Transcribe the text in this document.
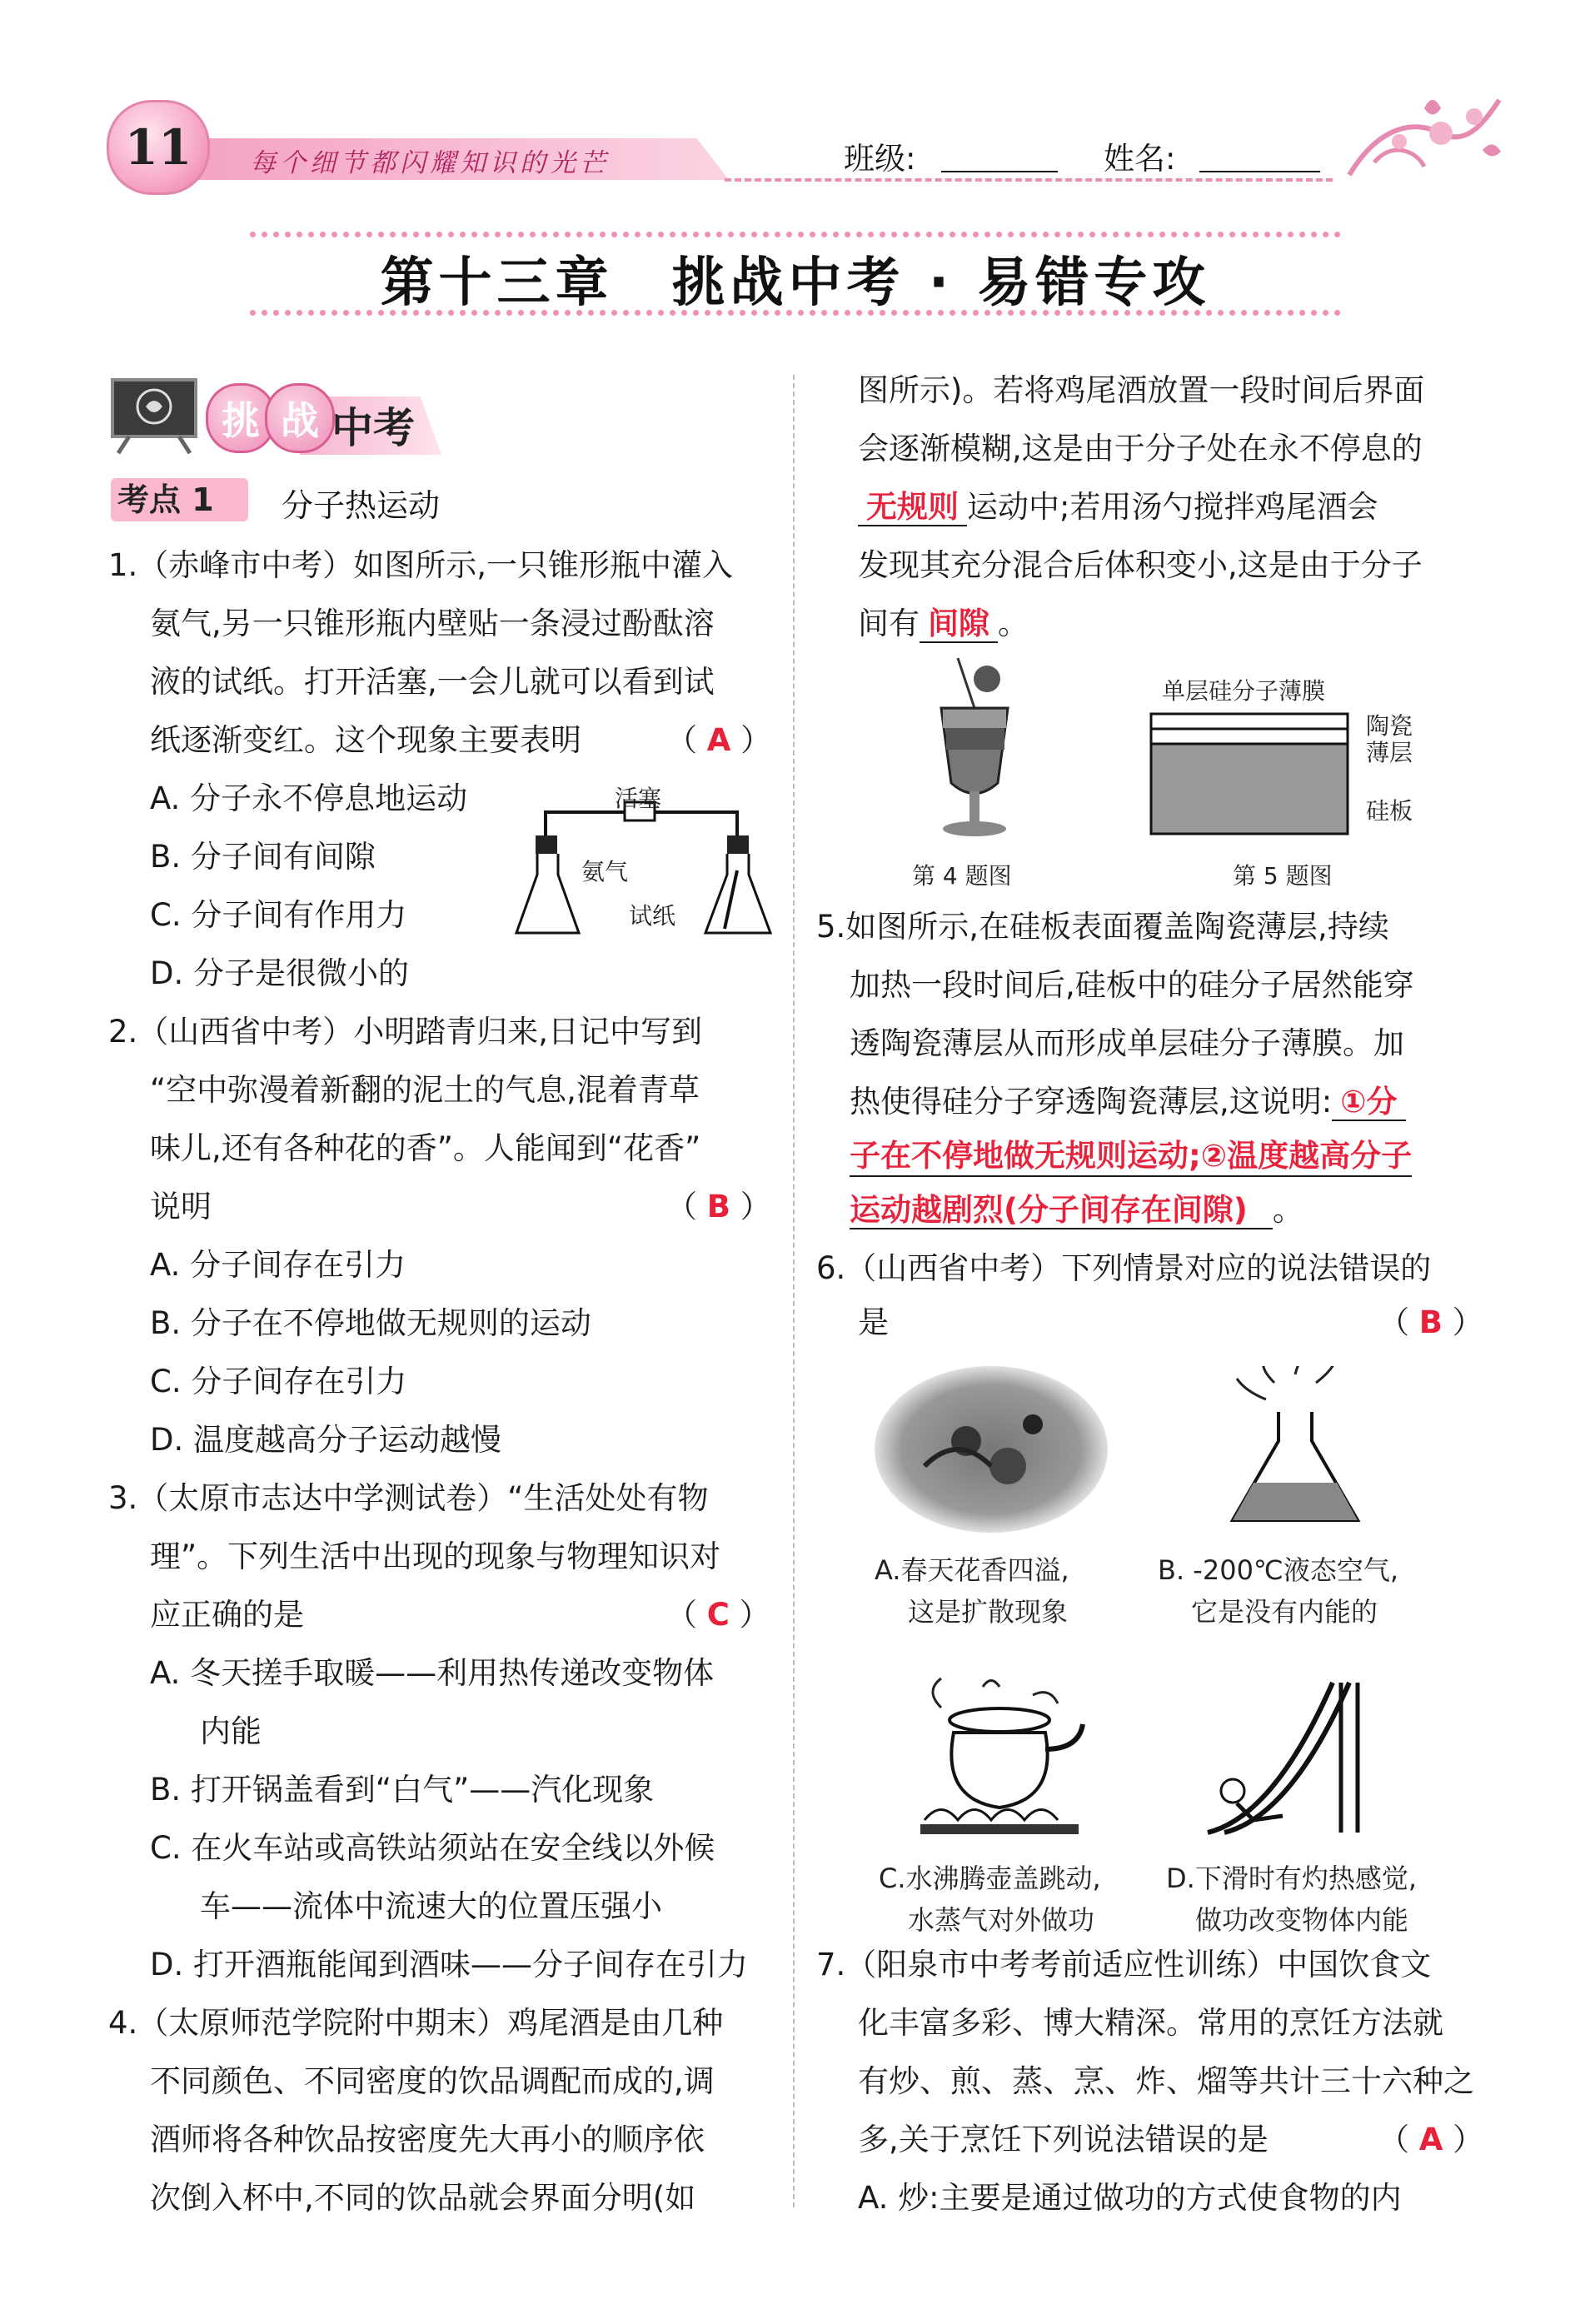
11	每个细节都闪耀知识的光芒	班级:	姓名:
第十三章　挑战中考 · 易错专攻
挑 战 中考
考点 1	分子热运动
1.（赤峰市中考）如图所示,一只锥形瓶中灌入
氨气,另一只锥形瓶内壁贴一条浸过酚酞溶
液的试纸。打开活塞,一会儿就可以看到试
纸逐渐变红。这个现象主要表明	（ A ）
A. 分子永不停息地运动
B. 分子间有间隙
C. 分子间有作用力
D. 分子是很微小的
活塞
氨气
试纸
2.（山西省中考）小明踏青归来,日记中写到
“空中弥漫着新翻的泥土的气息,混着青草
味儿,还有各种花的香”。人能闻到“花香”
说明	（ B ）
A. 分子间存在引力
B. 分子在不停地做无规则的运动
C. 分子间存在引力
D. 温度越高分子运动越慢
3.（太原市志达中学测试卷）“生活处处有物
理”。下列生活中出现的现象与物理知识对
应正确的是	（ C ）
A. 冬天搓手取暖——利用热传递改变物体
内能
B. 打开锅盖看到“白气”——汽化现象
C. 在火车站或高铁站须站在安全线以外候
车——流体中流速大的位置压强小
D. 打开酒瓶能闻到酒味——分子间存在引力
4.（太原师范学院附中期末）鸡尾酒是由几种
不同颜色、不同密度的饮品调配而成的,调
酒师将各种饮品按密度先大再小的顺序依
次倒入杯中,不同的饮品就会界面分明(如
图所示)。若将鸡尾酒放置一段时间后界面
会逐渐模糊,这是由于分子处在永不停息的
无规则 运动中;若用汤勺搅拌鸡尾酒会
发现其充分混合后体积变小,这是由于分子
间有 间隙 。
第 4 题图
单层硅分子薄膜
陶瓷
薄层
硅板
第 5 题图
5.如图所示,在硅板表面覆盖陶瓷薄层,持续
加热一段时间后,硅板中的硅分子居然能穿
透陶瓷薄层从而形成单层硅分子薄膜。加
热使得硅分子穿透陶瓷薄层,这说明: ①分
子在不停地做无规则运动;②温度越高分子
运动越剧烈(分子间存在间隙) 。
6.（山西省中考）下列情景对应的说法错误的
是	（ B ）
A.春天花香四溢,
这是扩散现象
B. -200℃液态空气,
它是没有内能的
C.水沸腾壶盖跳动,
水蒸气对外做功
D.下滑时有灼热感觉,
做功改变物体内能
7.（阳泉市中考考前适应性训练）中国饮食文
化丰富多彩、博大精深。常用的烹饪方法就
有炒、煎、蒸、烹、炸、熘等共计三十六种之
多,关于烹饪下列说法错误的是	（ A ）
A. 炒:主要是通过做功的方式使食物的内
